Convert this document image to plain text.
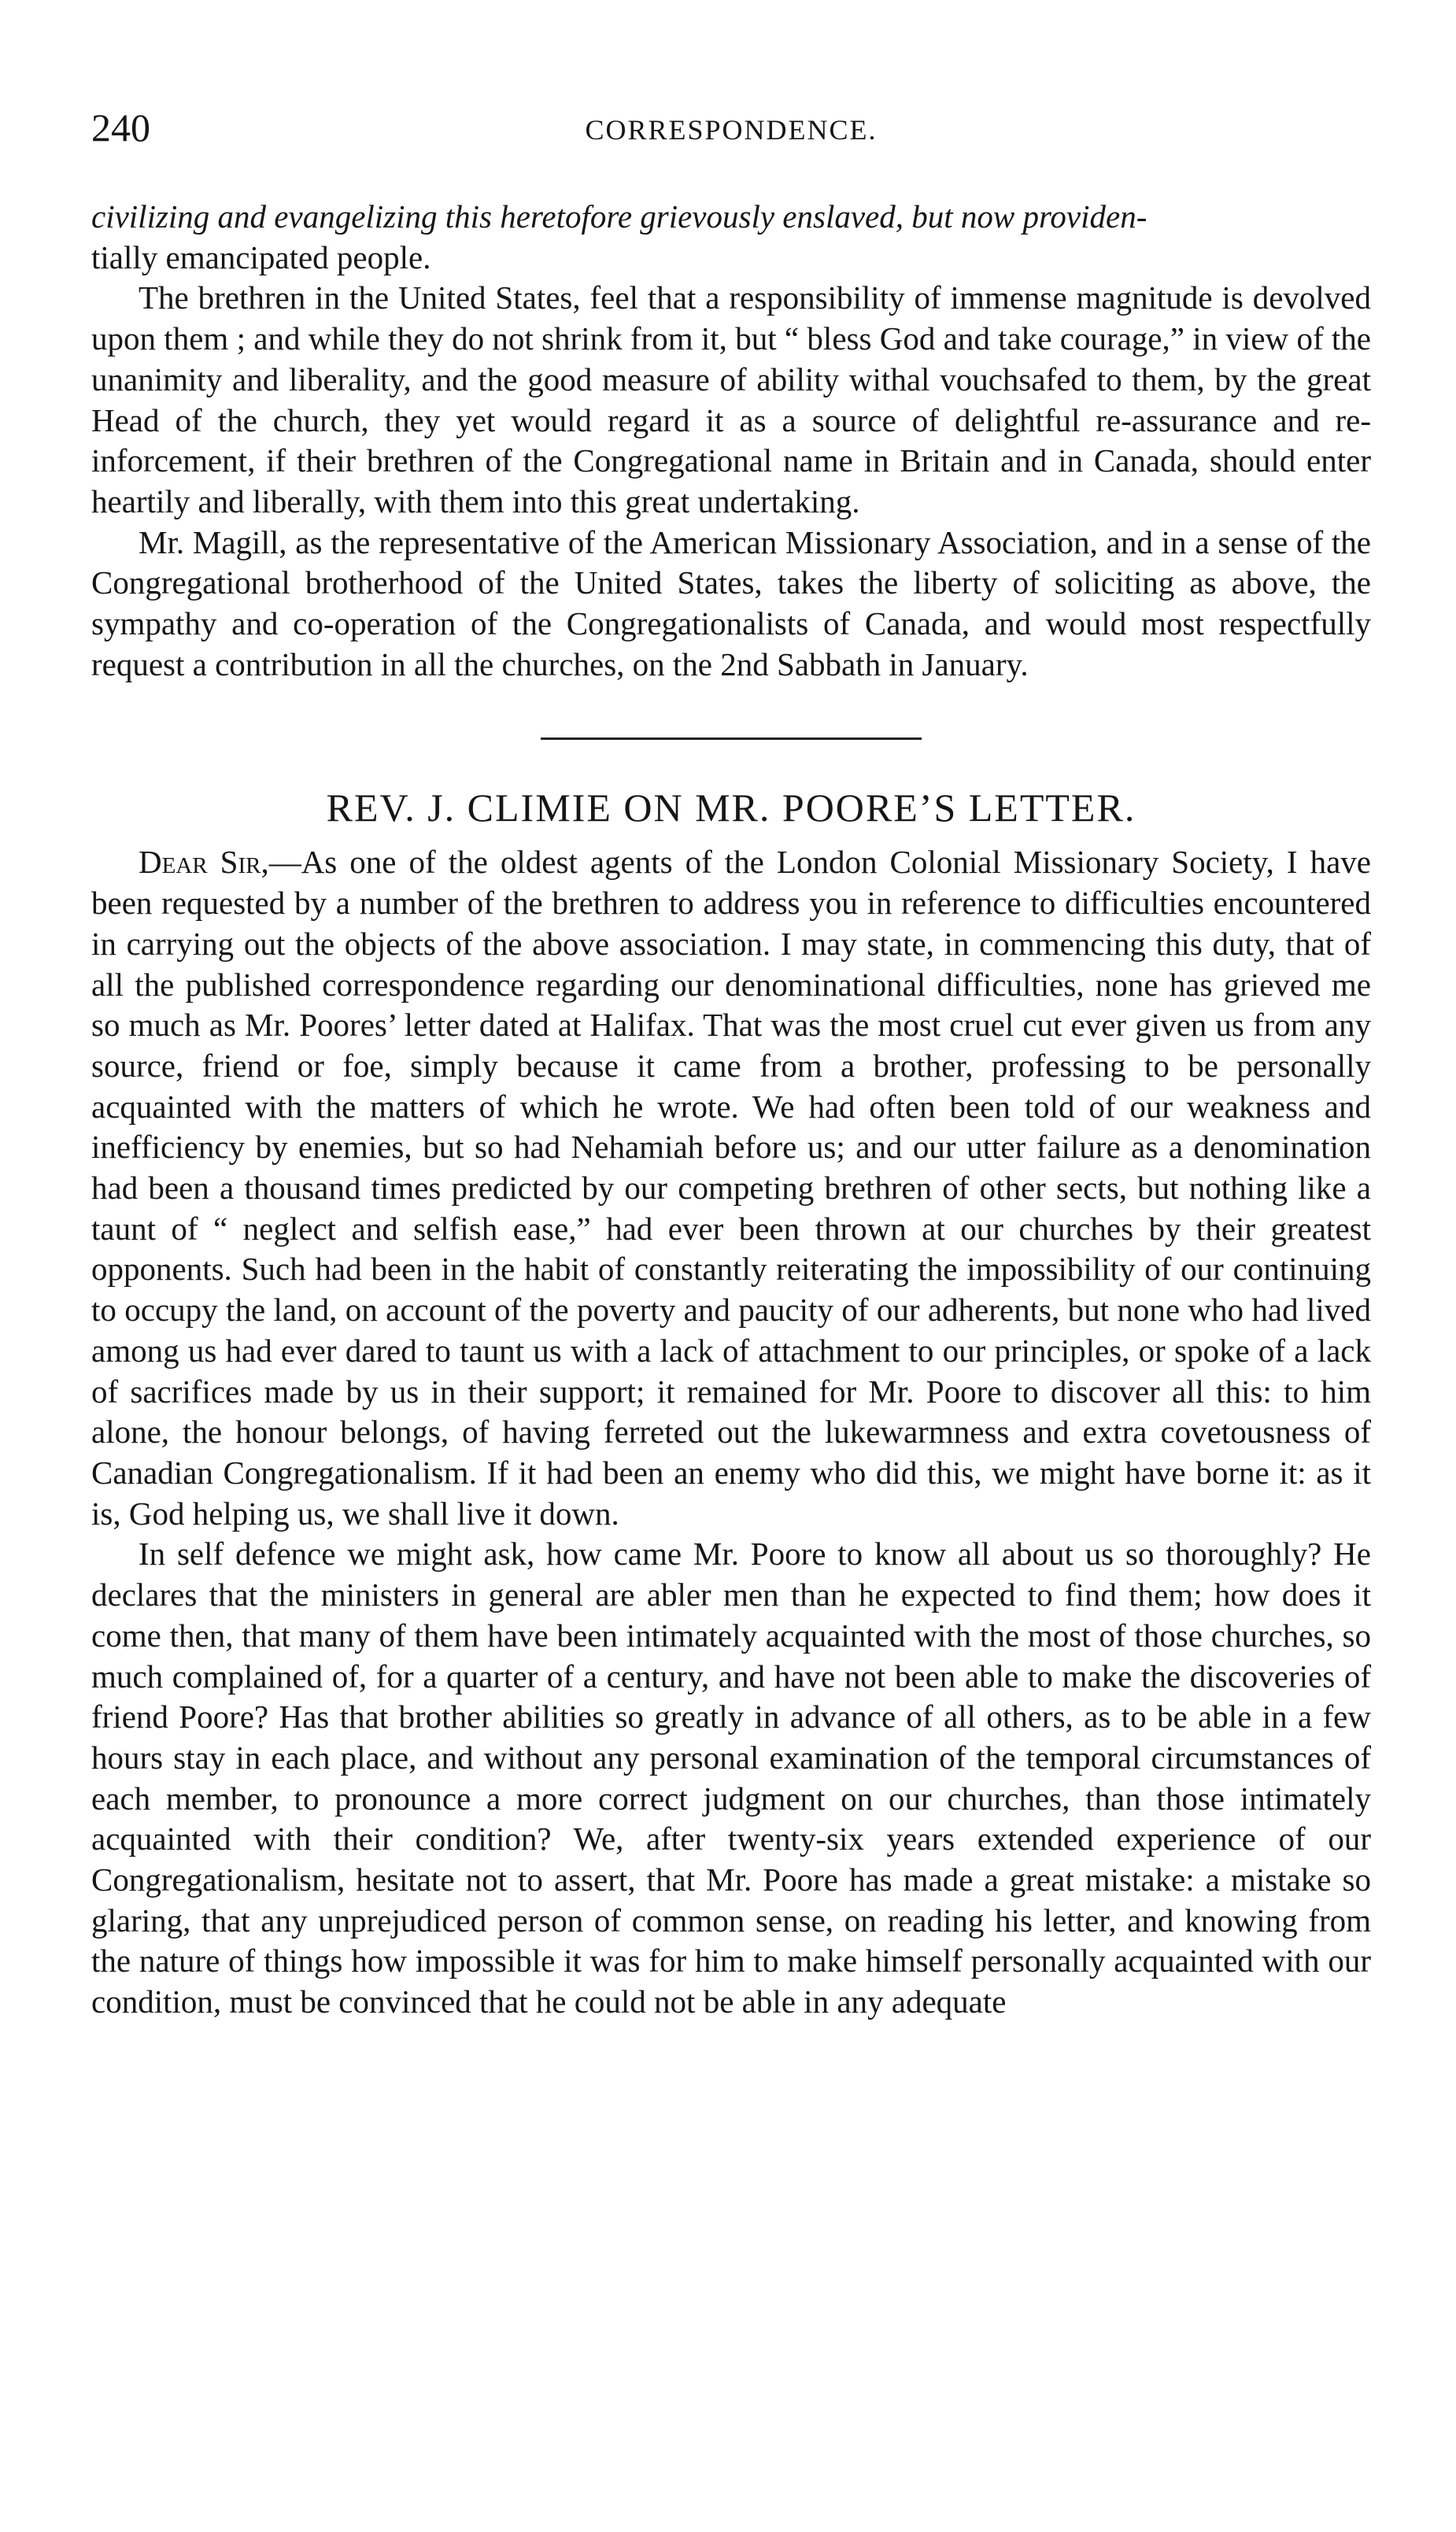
240	CORRESPONDENCE.

civilizing and evangelizing this heretofore grievously enslaved, but now providen-
tially emancipated people.

The brethren in the United States, feel that a responsibility of immense magnitude is devolved upon them ; and while they do not shrink from it, but “ bless God and take courage,” in view of the unanimity and liberality, and the good measure of ability withal vouchsafed to them, by the great Head of the church, they yet would regard it as a source of delightful re-assurance and re-inforcement, if their brethren of the Congregational name in Britain and in Canada, should enter heartily and liberally, with them into this great undertaking.

Mr. Magill, as the representative of the American Missionary Association, and in a sense of the Congregational brotherhood of the United States, takes the liberty of soliciting as above, the sympathy and co-operation of the Congregationalists of Canada, and would most respectfully request a contribution in all the churches, on the 2nd Sabbath in January.

REV. J. CLIMIE ON MR. POORE’S LETTER.

Dear Sir,—As one of the oldest agents of the London Colonial Missionary Society, I have been requested by a number of the brethren to address you in reference to difficulties encountered in carrying out the objects of the above association. I may state, in commencing this duty, that of all the published correspondence regarding our denominational difficulties, none has grieved me so much as Mr. Poores’ letter dated at Halifax. That was the most cruel cut ever given us from any source, friend or foe, simply because it came from a brother, professing to be personally acquainted with the matters of which he wrote. We had often been told of our weakness and inefficiency by enemies, but so had Nehamiah before us; and our utter failure as a denomination had been a thousand times predicted by our competing brethren of other sects, but nothing like a taunt of “ neglect and selfish ease,” had ever been thrown at our churches by their greatest opponents. Such had been in the habit of constantly reiterating the impossibility of our continuing to occupy the land, on account of the poverty and paucity of our adherents, but none who had lived among us had ever dared to taunt us with a lack of attachment to our principles, or spoke of a lack of sacrifices made by us in their support; it remained for Mr. Poore to discover all this: to him alone, the honour belongs, of having ferreted out the lukewarmness and extra covetousness of Canadian Congregationalism. If it had been an enemy who did this, we might have borne it: as it is, God helping us, we shall live it down.

In self defence we might ask, how came Mr. Poore to know all about us so thoroughly? He declares that the ministers in general are abler men than he expected to find them; how does it come then, that many of them have been intimately acquainted with the most of those churches, so much complained of, for a quarter of a century, and have not been able to make the discoveries of friend Poore? Has that brother abilities so greatly in advance of all others, as to be able in a few hours stay in each place, and without any personal examination of the temporal circumstances of each member, to pronounce a more correct judgment on our churches, than those intimately acquainted with their condition? We, after twenty-six years extended experience of our Congregationalism, hesitate not to assert, that Mr. Poore has made a great mistake: a mistake so glaring, that any unprejudiced person of common sense, on reading his letter, and knowing from the nature of things how impossible it was for him to make himself personally acquainted with our condition, must be convinced that he could not be able in any adequate
